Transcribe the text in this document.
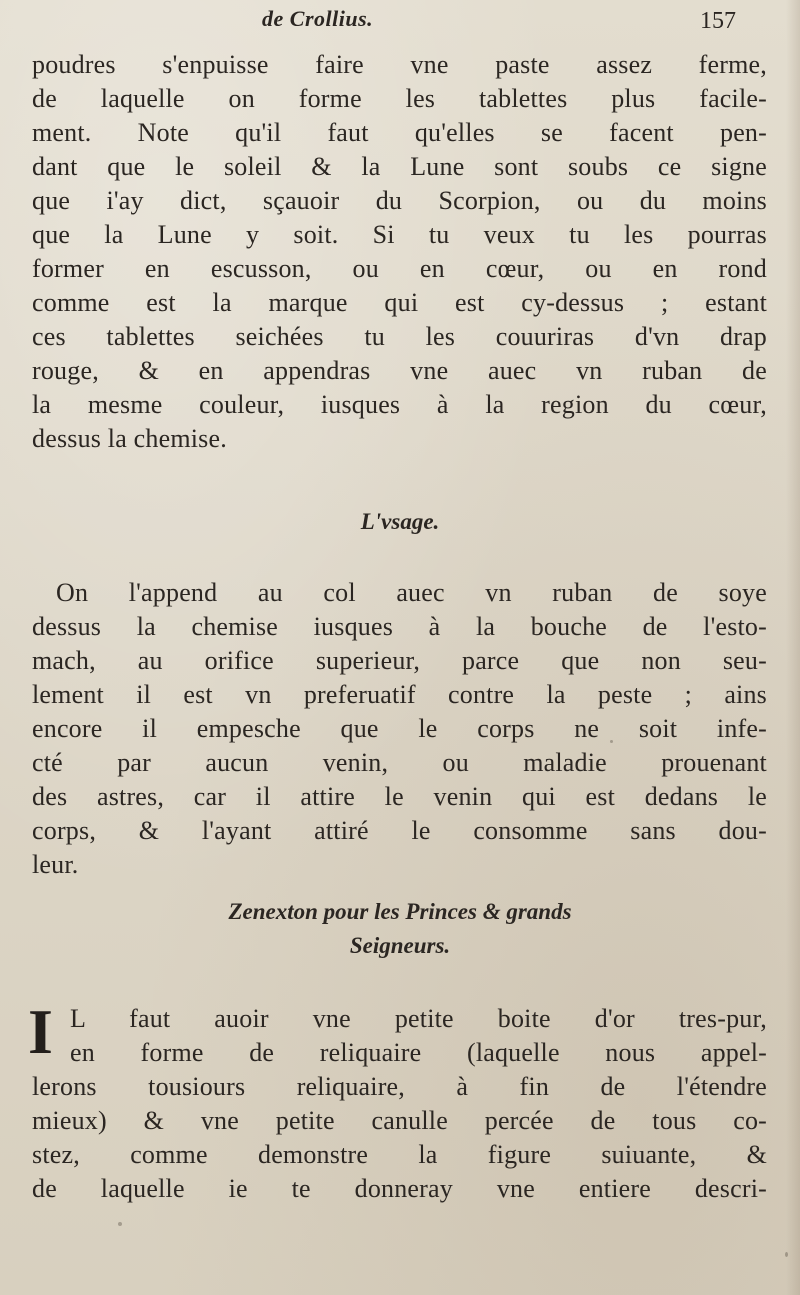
de Crollius.	157
poudres s'enpuisse faire vne paste assez ferme,
de laquelle on forme les tablettes plus facile-
ment. Note qu'il faut qu'elles se facent pen-
dant que le soleil & la Lune sont soubs ce signe
que i'ay dict, sçauoir du Scorpion, ou du moins
que la Lune y soit. Si tu veux tu les pourras
former en escusson, ou en cœur, ou en rond
comme est la marque qui est cy-dessus ; estant
ces tablettes seichées tu les couuriras d'vn drap
rouge, & en appendras vne auec vn ruban de
la mesme couleur, iusques à la region du cœur,
dessus la chemise.
L'vsage.
On l'append au col auec vn ruban de soye
dessus la chemise iusques à la bouche de l'esto-
mach, au orifice superieur, parce que non seu-
lement il est vn preferuatif contre la peste ; ains
encore il empesche que le corps ne soit infe-
cté par aucun venin, ou maladie prouenant
des astres, car il attire le venin qui est dedans le
corps, & l'ayant attiré le consomme sans dou-
leur.
Zenexton pour les Princes & grands
Seigneurs.
I L faut auoir vne petite boite d'or tres-pur,
en forme de reliquaire (laquelle nous appel-
lerons tousiours reliquaire, à fin de l'étendre
mieux) & vne petite canulle percée de tous co-
stez, comme demonstre la figure suiuante, &
de laquelle ie te donneray vne entiere descri-
